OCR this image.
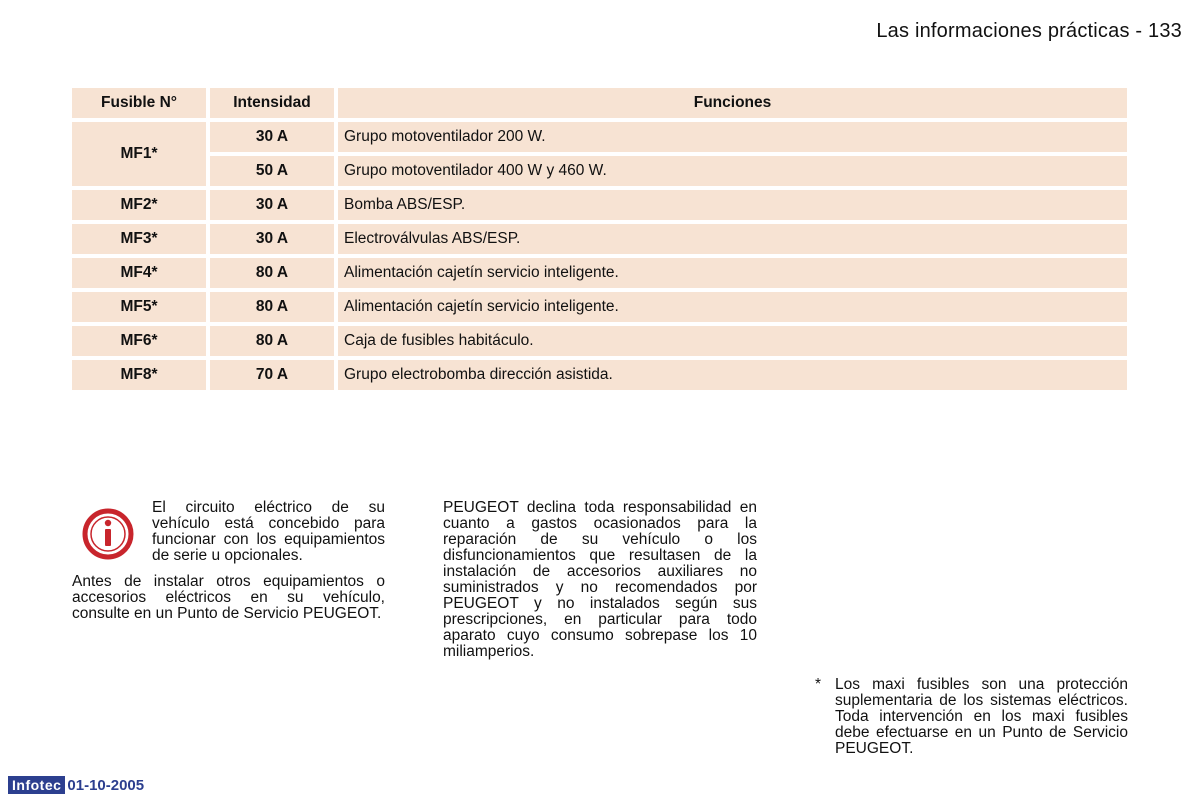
Las informaciones prácticas - 133
Fusible N°	Intensidad	Funciones
MF1*	30 A	Grupo motoventilador 200 W.
	50 A	Grupo motoventilador 400 W y 460 W.
MF2*	30 A	Bomba ABS/ESP.
MF3*	30 A	Electroválvulas ABS/ESP.
MF4*	80 A	Alimentación cajetín servicio inteligente.
MF5*	80 A	Alimentación cajetín servicio inteligente.
MF6*	80 A	Caja de fusibles habitáculo.
MF8*	70 A	Grupo electrobomba dirección asistida.
El circuito eléctrico de su vehículo está concebido para funcionar con los equipamientos de serie u opcionales.
Antes de instalar otros equipamientos o accesorios eléctricos en su vehículo, consulte en un Punto de Servicio PEUGEOT.
PEUGEOT declina toda responsabilidad en cuanto a gastos ocasionados para la reparación de su vehículo o los disfuncionamientos que resultasen de la instalación de accesorios auxiliares no suministrados y no recomendados por PEUGEOT y no instalados según sus prescripciones, en particular para todo aparato cuyo consumo sobrepase los 10 miliamperios.
* Los maxi fusibles son una protección suplementaria de los sistemas eléctricos. Toda intervención en los maxi fusibles debe efectuarse en un Punto de Servicio PEUGEOT.
Infotec 01-10-2005
